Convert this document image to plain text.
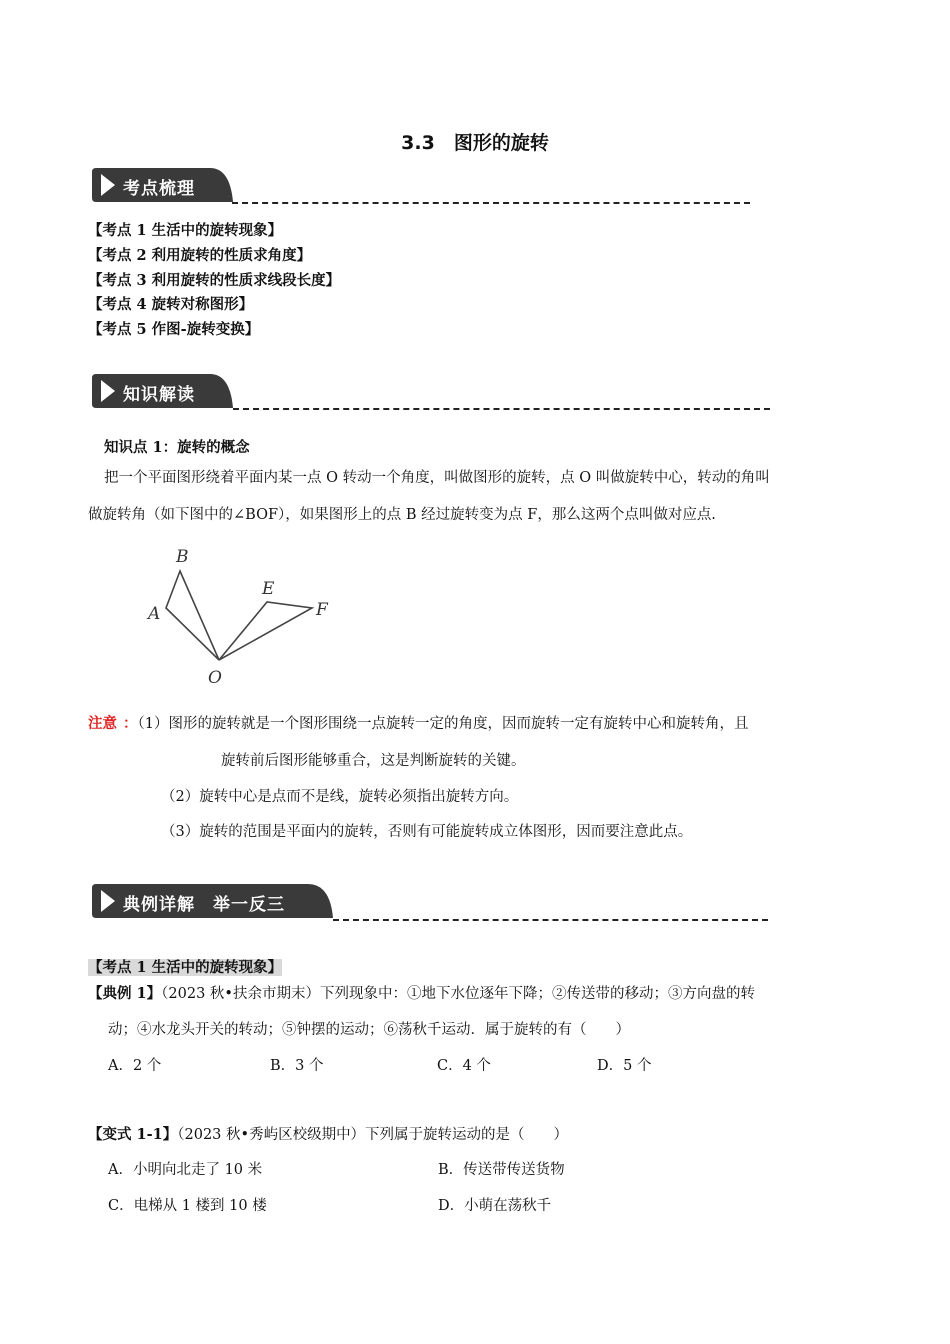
3.3　图形的旋转
考点梳理
【考点 1 生活中的旋转现象】
【考点 2 利用旋转的性质求角度】
【考点 3 利用旋转的性质求线段长度】
【考点 4 旋转对称图形】
【考点 5 作图-旋转变换】
知识解读
知识点 1：旋转的概念
把一个平面图形绕着平面内某一点 O 转动一个角度，叫做图形的旋转，点 O 叫做旋转中心，转动的角叫
做旋转角（如下图中的∠BOF），如果图形上的点 B 经过旋转变为点 F，那么这两个点叫做对应点.
B
A
E
F
O
注意 ：（1）图形的旋转就是一个图形围绕一点旋转一定的角度，因而旋转一定有旋转中心和旋转角，且
旋转前后图形能够重合，这是判断旋转的关键。
（2）旋转中心是点而不是线，旋转必须指出旋转方向。
（3）旋转的范围是平面内的旋转，否则有可能旋转成立体图形，因而要注意此点。
典例详解　举一反三
【考点 1 生活中的旋转现象】
【典例 1】（2023 秋•扶余市期末）下列现象中：①地下水位逐年下降；②传送带的移动；③方向盘的转
动；④水龙头开关的转动；⑤钟摆的运动；⑥荡秋千运动．属于旋转的有（　　）
A．2 个	B．3 个	C．4 个	D．5 个
【变式 1-1】（2023 秋•秀屿区校级期中）下列属于旋转运动的是（　　）
A．小明向北走了 10 米	B．传送带传送货物
C．电梯从 1 楼到 10 楼	D．小萌在荡秋千
